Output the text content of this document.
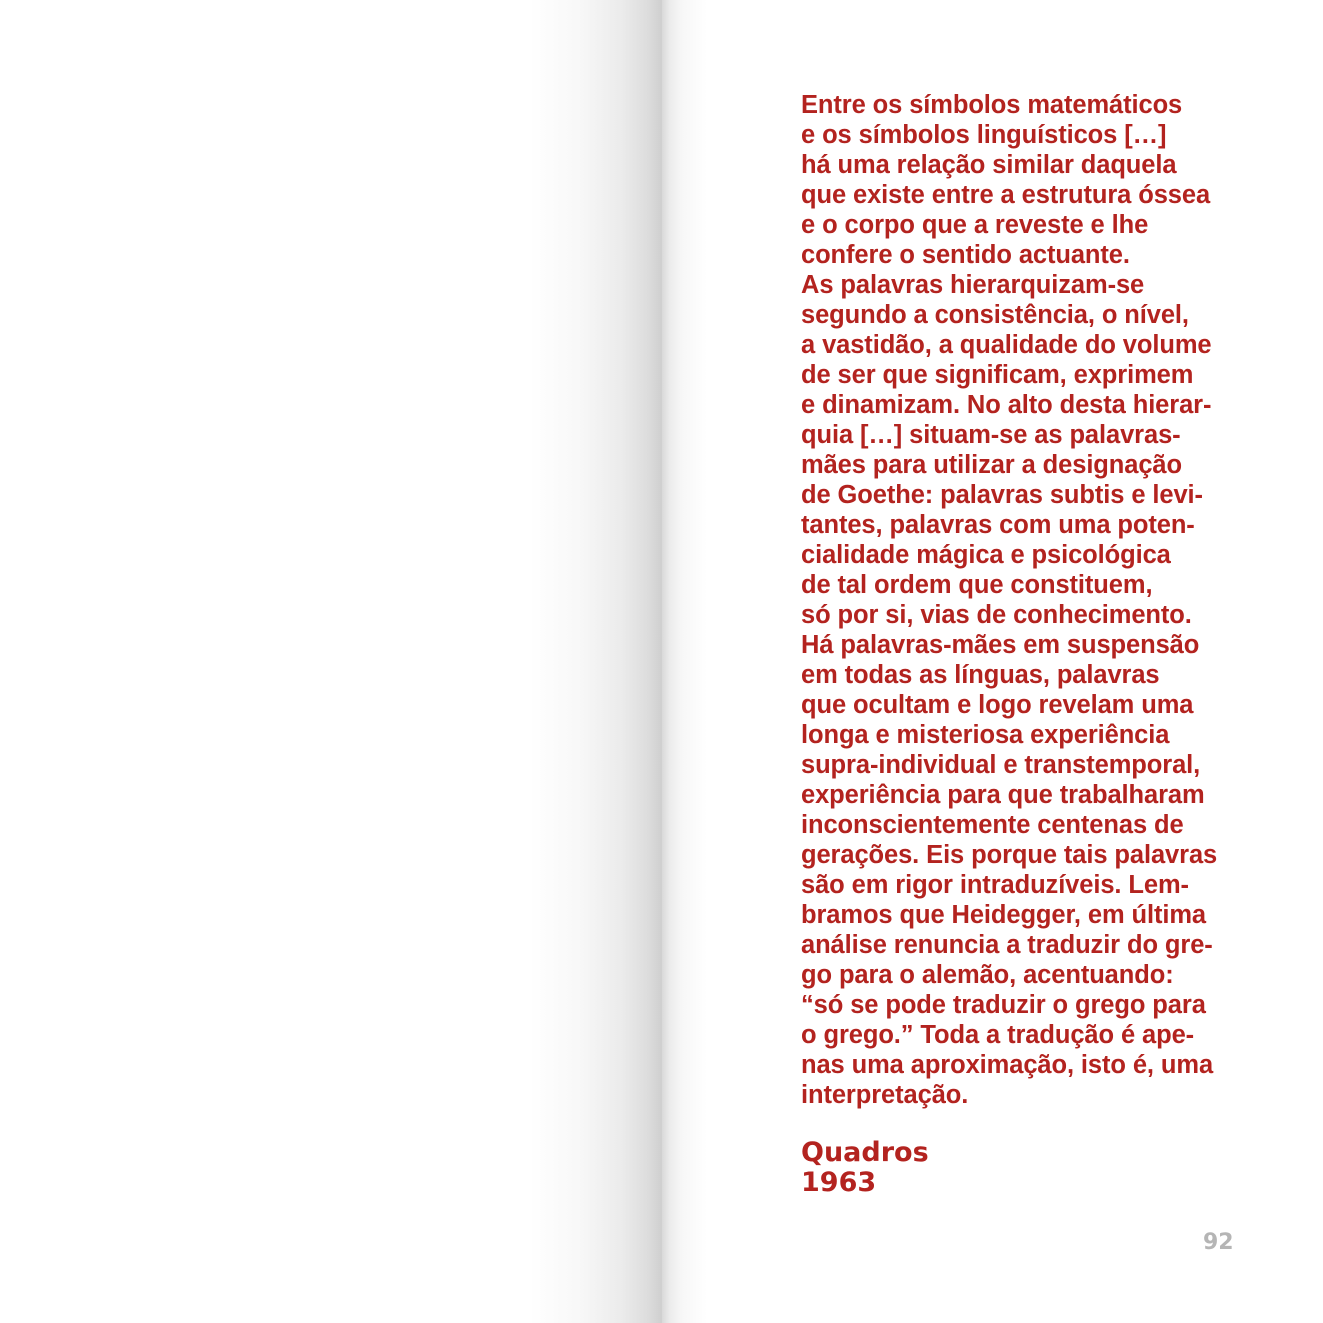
Entre os símbolos matemáticos
e os símbolos linguísticos […]
há uma relação similar daquela
que existe entre a estrutura óssea
e o corpo que a reveste e lhe
confere o sentido actuante.
As palavras hierarquizam-se
segundo a consistência, o nível,
a vastidão, a qualidade do volume
de ser que significam, exprimem
e dinamizam. No alto desta hierar-
quia […] situam-se as palavras-
mães para utilizar a designação
de Goethe: palavras subtis e levi-
tantes, palavras com uma poten-
cialidade mágica e psicológica
de tal ordem que constituem,
só por si, vias de conhecimento.
Há palavras-mães em suspensão
em todas as línguas, palavras
que ocultam e logo revelam uma
longa e misteriosa experiência
supra-individual e transtemporal,
experiência para que trabalharam
inconscientemente centenas de
gerações. Eis porque tais palavras
são em rigor intraduzíveis. Lem-
bramos que Heidegger, em última
análise renuncia a traduzir do gre-
go para o alemão, acentuando:
“só se pode traduzir o grego para
o grego.” Toda a tradução é ape-
nas uma aproximação, isto é, uma
interpretação.
Quadros
1963
92
